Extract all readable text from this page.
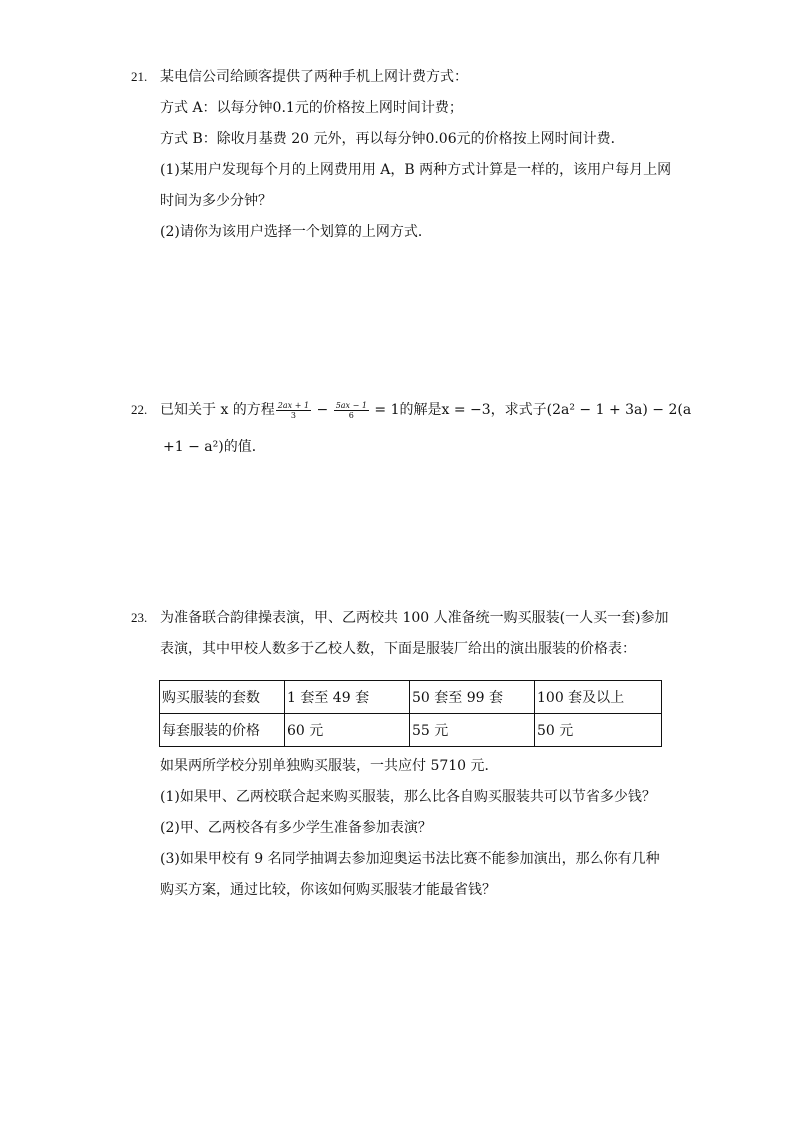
21. 某电信公司给顾客提供了两种手机上网计费方式：
方式 A：以每分钟0.1元的价格按上网时间计费；
方式 B：除收月基费 20 元外，再以每分钟0.06元的价格按上网时间计费．
(1)某用户发现每个月的上网费用用 A，B 两种方式计算是一样的，该用户每月上网
时间为多少分钟？
(2)请你为该用户选择一个划算的上网方式．
22. 已知关于 x 的方程 $\frac{2ax + 1}{3} - \frac{5ax - 1}{6} = 1$的解是x = −3，求式子(2a² − 1 + 3a) − 2(a
+1 − a²)的值．
23. 为准备联合韵律操表演，甲、乙两校共 100 人准备统一购买服装(一人买一套)参加
表演，其中甲校人数多于乙校人数，下面是服装厂给出的演出服装的价格表：
购买服装的套数	1 套至 49 套	50 套至 99 套	100 套及以上
每套服装的价格	60 元	55 元	50 元
如果两所学校分别单独购买服装，一共应付 5710 元．
(1)如果甲、乙两校联合起来购买服装，那么比各自购买服装共可以节省多少钱？
(2)甲、乙两校各有多少学生准备参加表演？
(3)如果甲校有 9 名同学抽调去参加迎奥运书法比赛不能参加演出，那么你有几种
购买方案，通过比较，你该如何购买服装才能最省钱？
